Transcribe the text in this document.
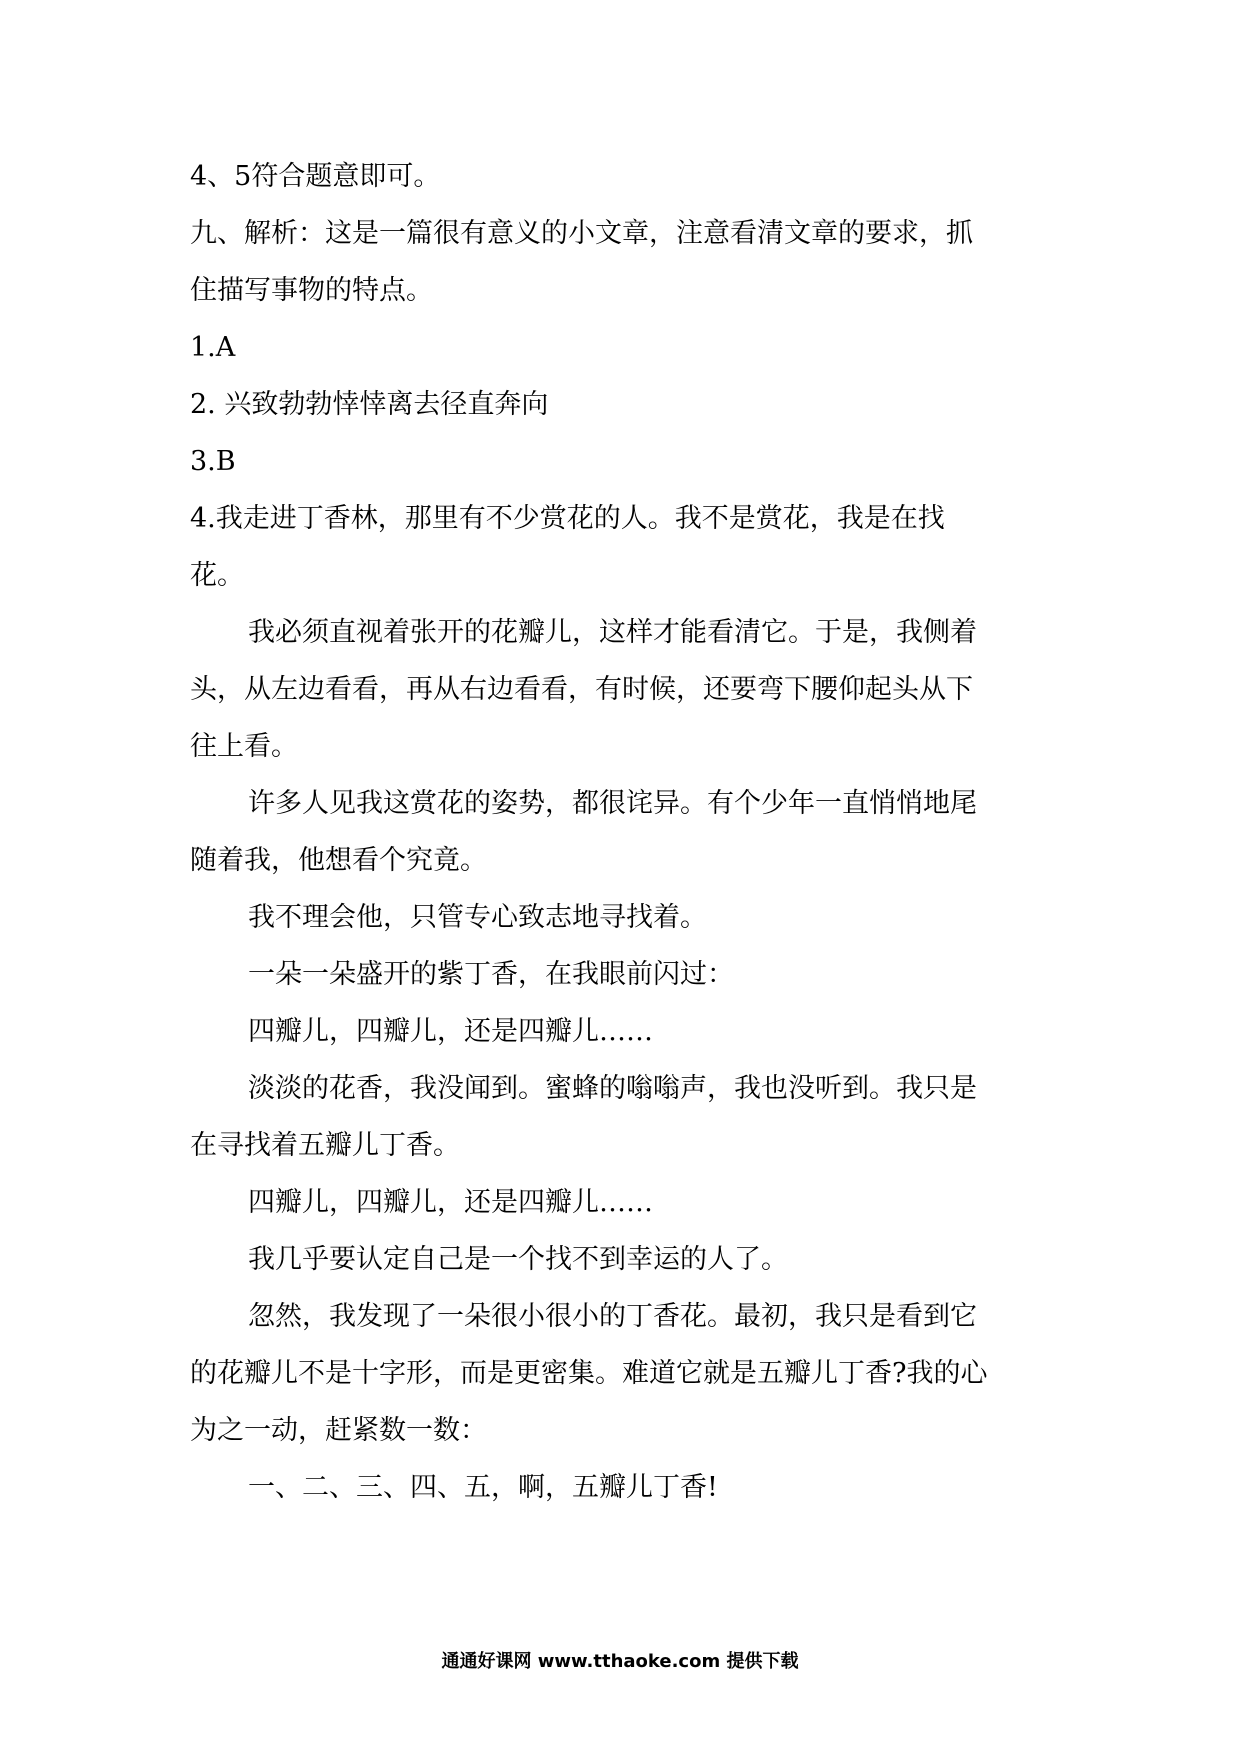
4、5符合题意即可。
九、解析：这是一篇很有意义的小文章，注意看清文章的要求，抓
住描写事物的特点。
1.A
2. 兴致勃勃悻悻离去径直奔向
3.B
4.我走进丁香林，那里有不少赏花的人。我不是赏花，我是在找
花。
我必须直视着张开的花瓣儿，这样才能看清它。于是，我侧着
头，从左边看看，再从右边看看，有时候，还要弯下腰仰起头从下
往上看。
许多人见我这赏花的姿势，都很诧异。有个少年一直悄悄地尾
随着我，他想看个究竟。
我不理会他，只管专心致志地寻找着。
一朵一朵盛开的紫丁香，在我眼前闪过：
四瓣儿，四瓣儿，还是四瓣儿……
淡淡的花香，我没闻到。蜜蜂的嗡嗡声，我也没听到。我只是
在寻找着五瓣儿丁香。
四瓣儿，四瓣儿，还是四瓣儿……
我几乎要认定自己是一个找不到幸运的人了。
忽然，我发现了一朵很小很小的丁香花。最初，我只是看到它
的花瓣儿不是十字形，而是更密集。难道它就是五瓣儿丁香?我的心
为之一动，赶紧数一数：
一、二、三、四、五，啊，五瓣儿丁香!
通通好课网 www.tthaoke.com 提供下载
